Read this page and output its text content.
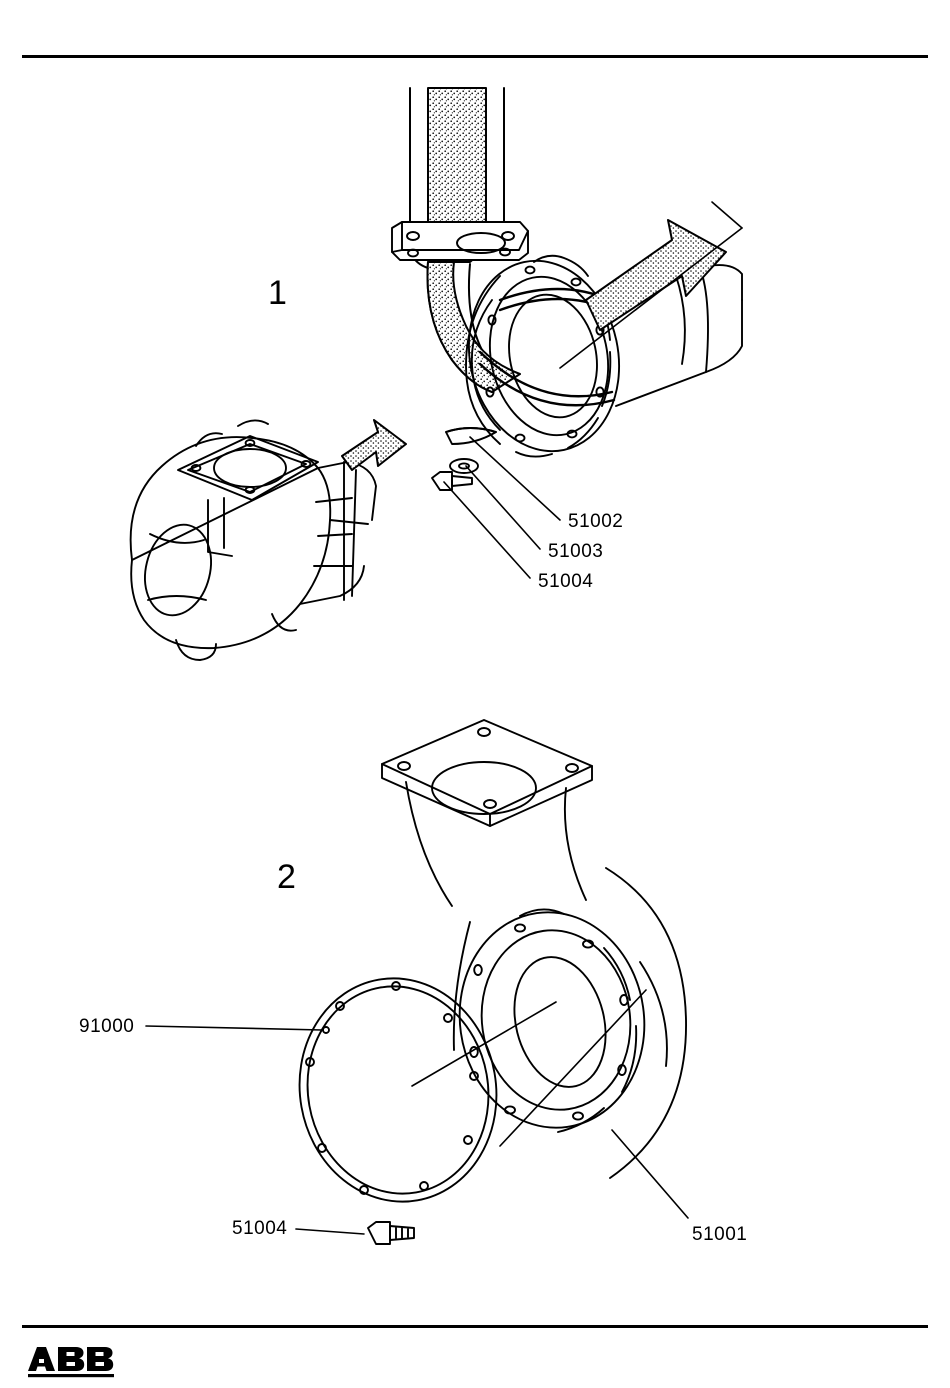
1
2
51002
51003
51004
91000
51004	51001
